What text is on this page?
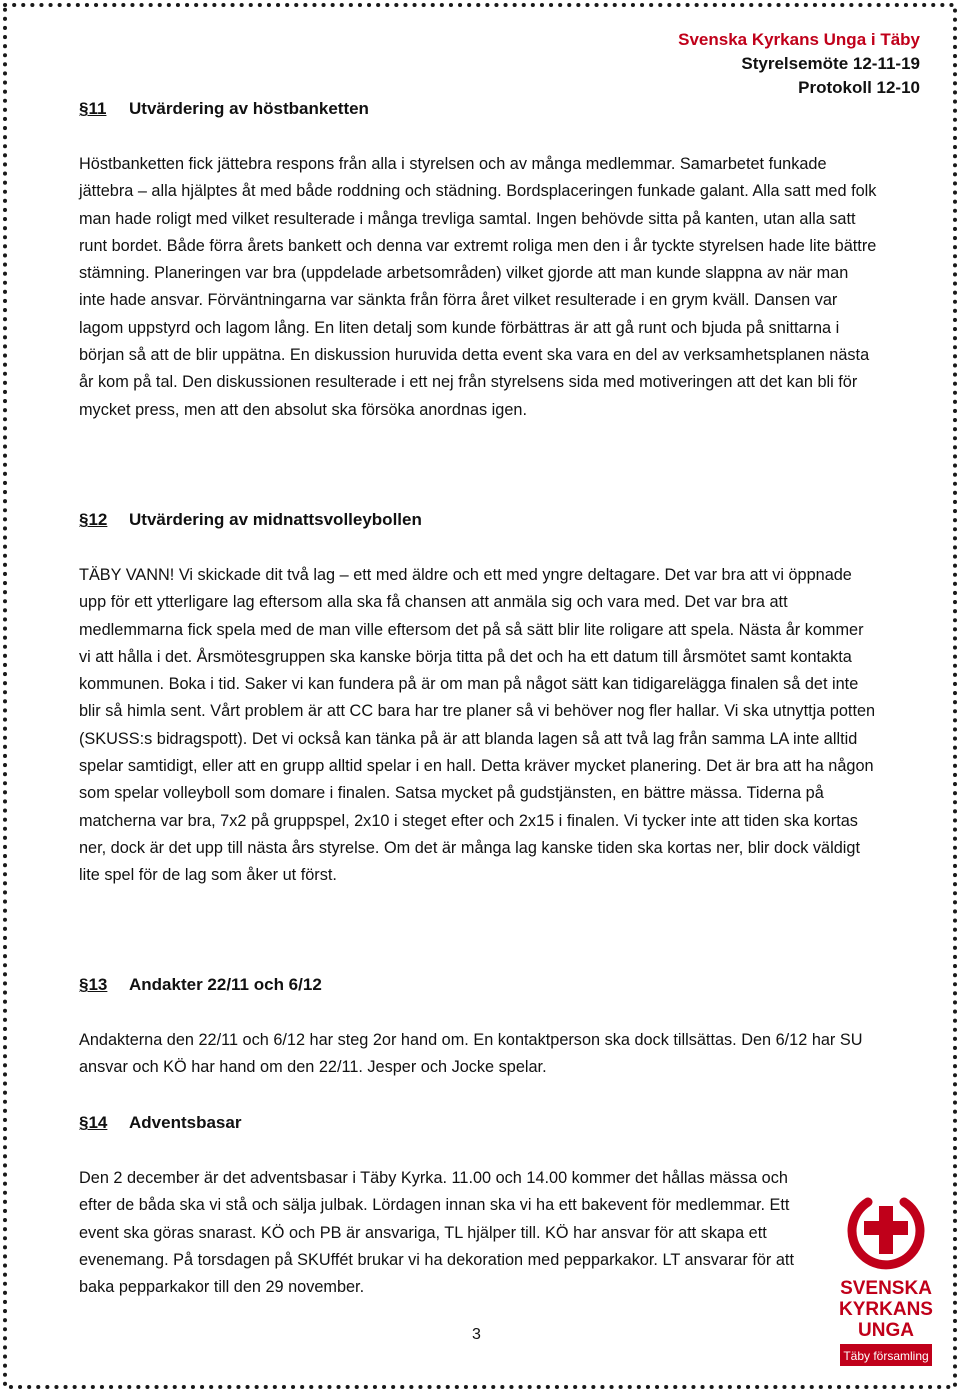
Svenska Kyrkans Unga i Täby
Styrelsemöte 12-11-19
Protokoll 12-10
§11 Utvärdering av höstbanketten

Höstbanketten fick jättebra respons från alla i styrelsen och av många medlemmar. Samarbetet funkade jättebra – alla hjälptes åt med både roddning och städning. Bordsplaceringen funkade galant. Alla satt med folk man hade roligt med vilket resulterade i många trevliga samtal. Ingen behövde sitta på kanten, utan alla satt runt bordet. Både förra årets bankett och denna var extremt roliga men den i år tyckte styrelsen hade lite bättre stämning. Planeringen var bra (uppdelade arbetsområden) vilket gjorde att man kunde slappna av när man inte hade ansvar. Förväntningarna var sänkta från förra året vilket resulterade i en grym kväll. Dansen var lagom uppstyrd och lagom lång. En liten detalj som kunde förbättras är att gå runt och bjuda på snittarna i början så att de blir uppätna. En diskussion huruvida detta event ska vara en del av verksamhetsplanen nästa år kom på tal. Den diskussionen resulterade i ett nej från styrelsens sida med motiveringen att det kan bli för mycket press, men att den absolut ska försöka anordnas igen.

§12 Utvärdering av midnattsvolleybollen

TÄBY VANN! Vi skickade dit två lag – ett med äldre och ett med yngre deltagare. Det var bra att vi öppnade upp för ett ytterligare lag eftersom alla ska få chansen att anmäla sig och vara med. Det var bra att medlemmarna fick spela med de man ville eftersom det på så sätt blir lite roligare att spela. Nästa år kommer vi att hålla i det. Årsmötesgruppen ska kanske börja titta på det och ha ett datum till årsmötet samt kontakta kommunen. Boka i tid. Saker vi kan fundera på är om man på något sätt kan tidigarelägga finalen så det inte blir så himla sent. Vårt problem är att CC bara har tre planer så vi behöver nog fler hallar. Vi ska utnyttja potten (SKUSS:s bidragspott). Det vi också kan tänka på är att blanda lagen så att två lag från samma LA inte alltid spelar samtidigt, eller att en grupp alltid spelar i en hall. Detta kräver mycket planering. Det är bra att ha någon som spelar volleyboll som domare i finalen. Satsa mycket på gudstjänsten, en bättre mässa. Tiderna på matcherna var bra, 7x2 på gruppspel, 2x10 i steget efter och 2x15 i finalen. Vi tycker inte att tiden ska kortas ner, dock är det upp till nästa års styrelse. Om det är många lag kanske tiden ska kortas ner, blir dock väldigt lite spel för de lag som åker ut först.

§13 Andakter 22/11 och 6/12

Andakterna den 22/11 och 6/12 har steg 2or hand om. En kontaktperson ska dock tillsättas. Den 6/12 har SU ansvar och KÖ har hand om den 22/11. Jesper och Jocke spelar.

§14 Adventsbasar

Den 2 december är det adventsbasar i Täby Kyrka. 11.00 och 14.00 kommer det hållas mässa och efter de båda ska vi stå och sälja julbak. Lördagen innan ska vi ha ett bakevent för medlemmar. Ett event ska göras snarast. KÖ och PB är ansvariga, TL hjälper till. KÖ har ansvar för att skapa ett evenemang. På torsdagen på SKUffét brukar vi ha dekoration med pepparkakor. LT ansvarar för att baka pepparkakor till den 29 november.

3
SVENSKA
KYRKANS
UNGA
Täby församling
